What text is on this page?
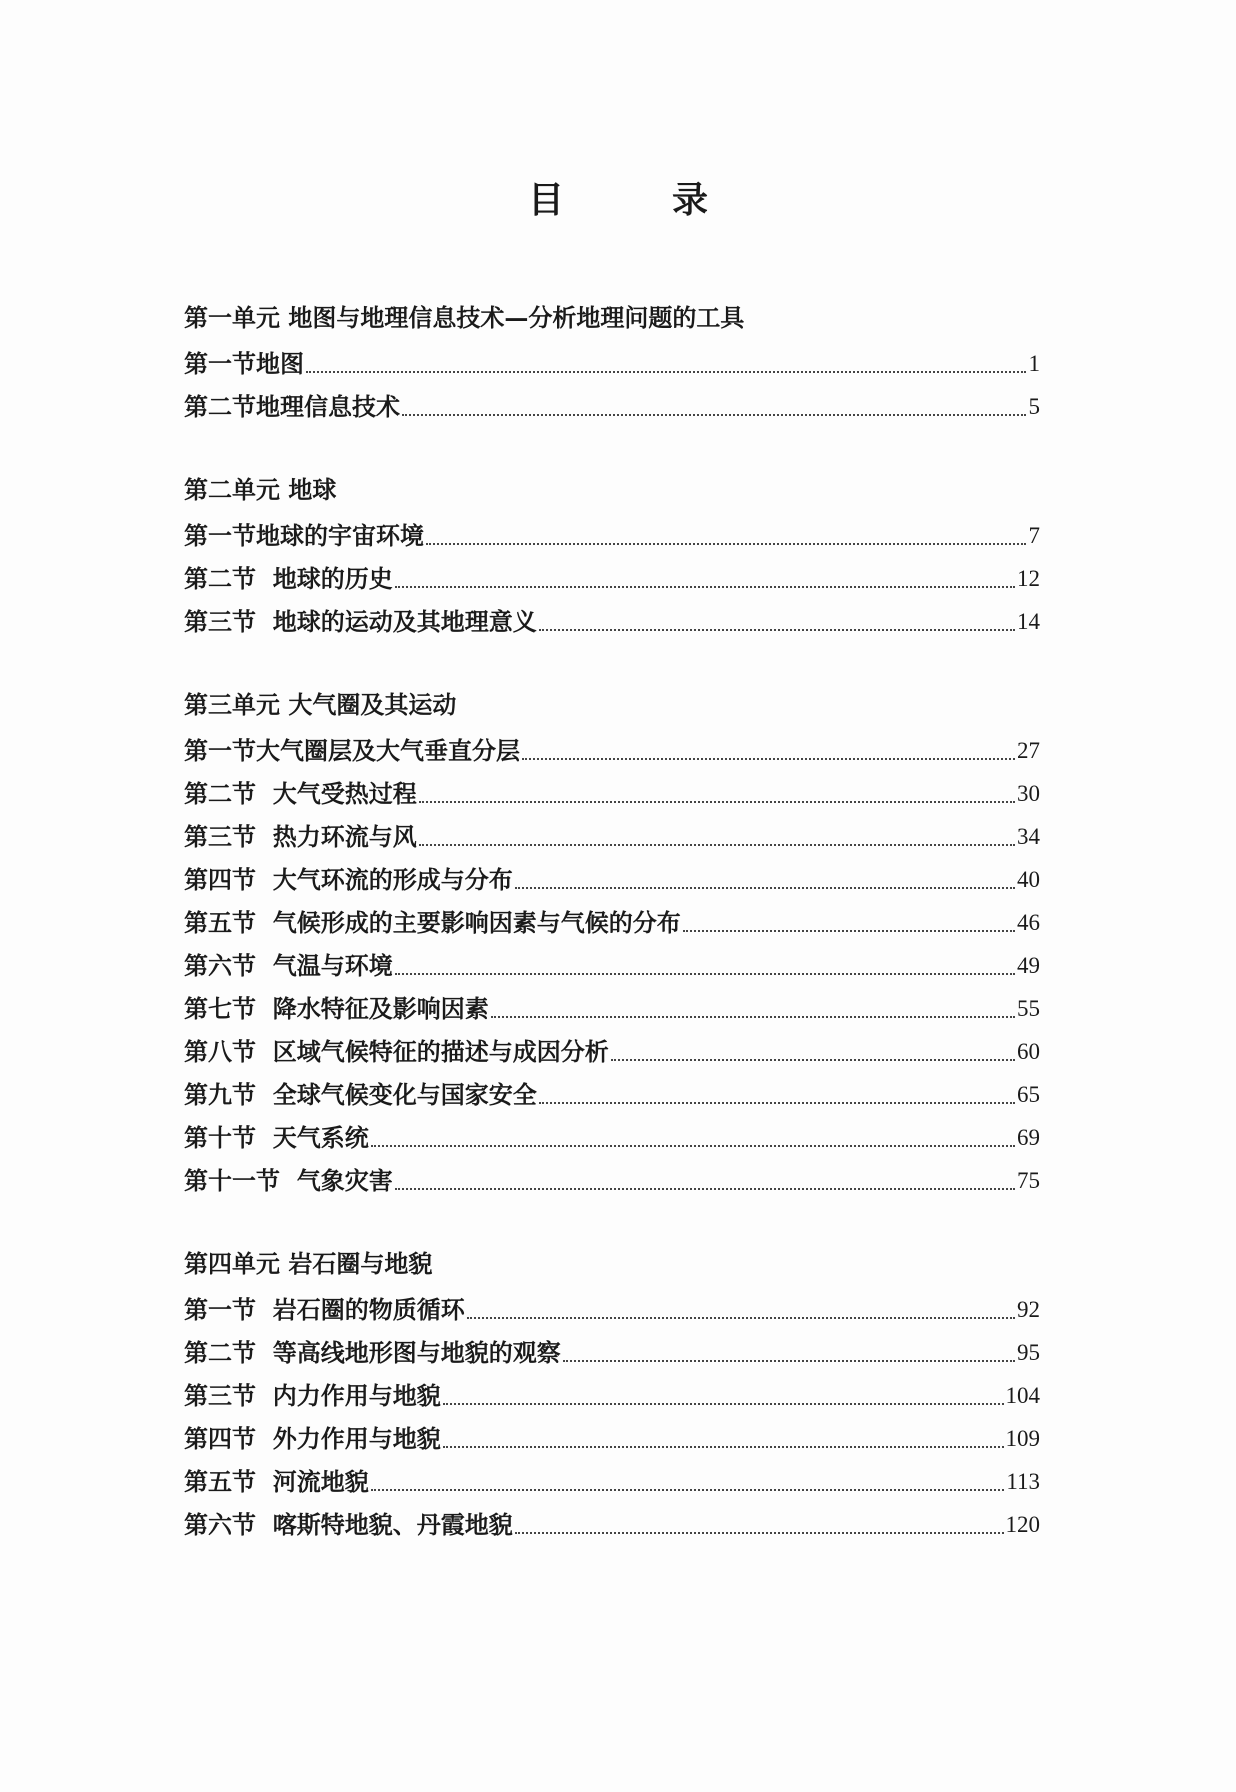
目　录
第一单元 地图与地理信息技术—分析地理问题的工具
第一节地图	1
第二节地理信息技术	5
第二单元 地球
第一节地球的宇宙环境	7
第二节  地球的历史	12
第三节  地球的运动及其地理意义	14
第三单元 大气圈及其运动
第一节大气圈层及大气垂直分层	27
第二节  大气受热过程	30
第三节  热力环流与风	34
第四节  大气环流的形成与分布	40
第五节  气候形成的主要影响因素与气候的分布	46
第六节  气温与环境	49
第七节  降水特征及影响因素	55
第八节  区域气候特征的描述与成因分析	60
第九节  全球气候变化与国家安全	65
第十节  天气系统	69
第十一节  气象灾害	75
第四单元 岩石圈与地貌
第一节  岩石圈的物质循环	92
第二节  等高线地形图与地貌的观察	95
第三节  内力作用与地貌	104
第四节  外力作用与地貌	109
第五节  河流地貌	113
第六节  喀斯特地貌、丹霞地貌	120
